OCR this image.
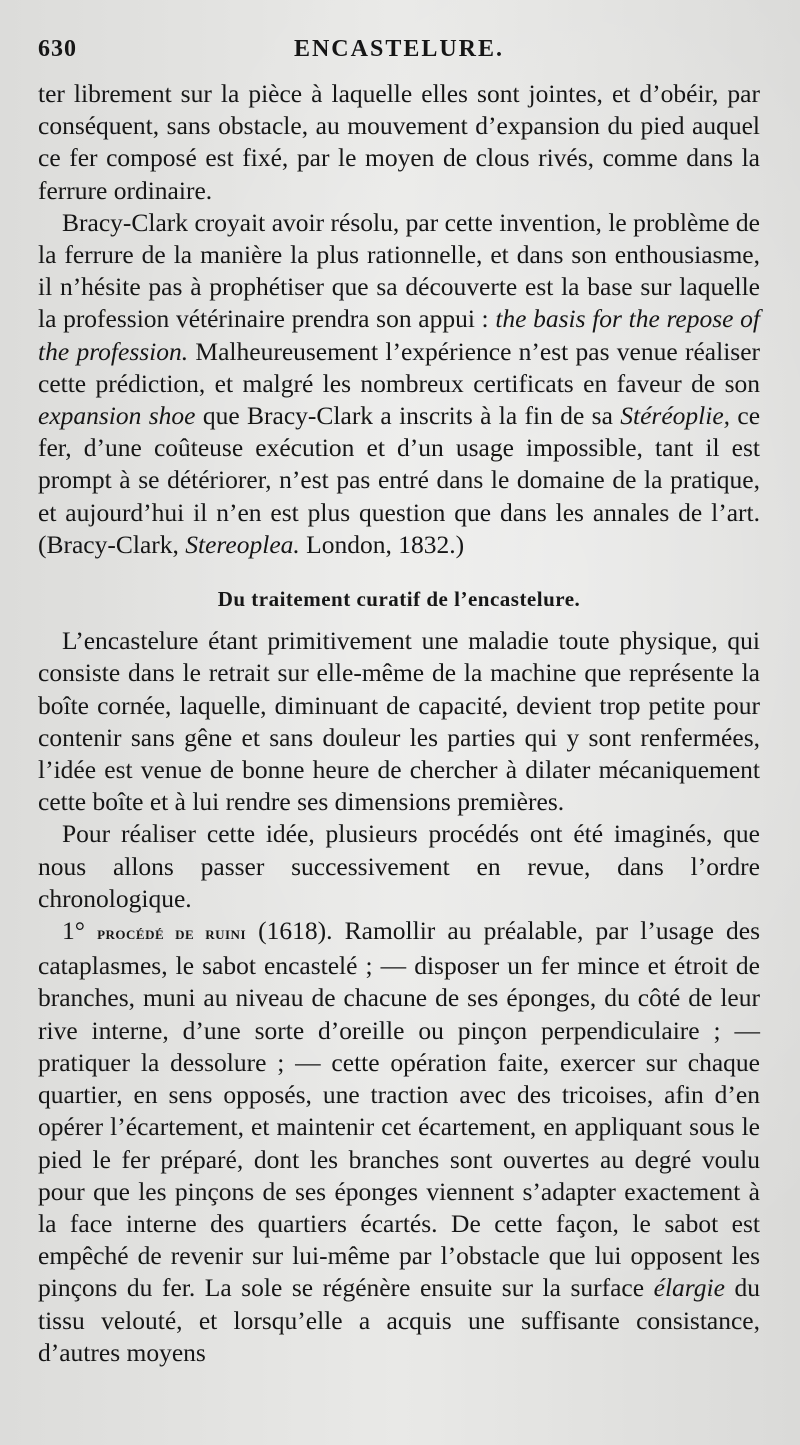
630	ENCASTELURE.

ter librement sur la pièce à laquelle elles sont jointes, et d’obéir, par conséquent, sans obstacle, au mouvement d’expansion du pied auquel ce fer composé est fixé, par le moyen de clous rivés, comme dans la ferrure ordinaire.

Bracy-Clark croyait avoir résolu, par cette invention, le problème de la ferrure de la manière la plus rationnelle, et dans son enthousiasme, il n’hésite pas à prophétiser que sa découverte est la base sur laquelle la profession vétérinaire prendra son appui : the basis for the repose of the profession. Malheureusement l’expérience n’est pas venue réaliser cette prédiction, et malgré les nombreux certificats en faveur de son expansion shoe que Bracy-Clark a inscrits à la fin de sa Stéréoplie, ce fer, d’une coûteuse exécution et d’un usage impossible, tant il est prompt à se détériorer, n’est pas entré dans le domaine de la pratique, et aujourd’hui il n’en est plus question que dans les annales de l’art. (Bracy-Clark, Stereoplea. London, 1832.)

Du traitement curatif de l’encastelure.

L’encastelure étant primitivement une maladie toute physique, qui consiste dans le retrait sur elle-même de la machine que représente la boîte cornée, laquelle, diminuant de capacité, devient trop petite pour contenir sans gêne et sans douleur les parties qui y sont renfermées, l’idée est venue de bonne heure de chercher à dilater mécaniquement cette boîte et à lui rendre ses dimensions premières.

Pour réaliser cette idée, plusieurs procédés ont été imaginés, que nous allons passer successivement en revue, dans l’ordre chronologique.

1° procédé de ruini (1618). Ramollir au préalable, par l’usage des cataplasmes, le sabot encastelé ; — disposer un fer mince et étroit de branches, muni au niveau de chacune de ses éponges, du côté de leur rive interne, d’une sorte d’oreille ou pinçon perpendiculaire ; — pratiquer la dessolure ; — cette opération faite, exercer sur chaque quartier, en sens opposés, une traction avec des tricoises, afin d’en opérer l’écartement, et maintenir cet écartement, en appliquant sous le pied le fer préparé, dont les branches sont ouvertes au degré voulu pour que les pinçons de ses éponges viennent s’adapter exactement à la face interne des quartiers écartés. De cette façon, le sabot est empêché de revenir sur lui-même par l’obstacle que lui opposent les pinçons du fer. La sole se régénère ensuite sur la surface élargie du tissu velouté, et lorsqu’elle a acquis une suffisante consistance, d’autres moyens
